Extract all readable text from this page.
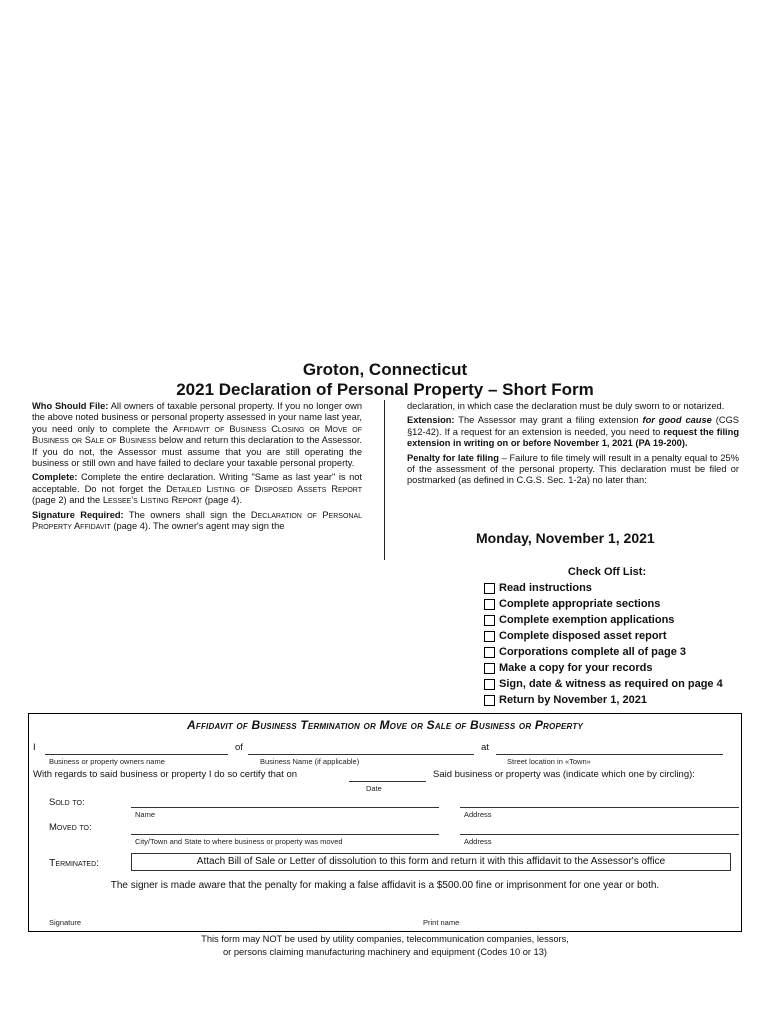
Groton, Connecticut
2021 Declaration of Personal Property – Short Form

Who Should File: All owners of taxable personal property. If you no longer own the above noted business or personal property assessed in your name last year, you need only to complete the Affidavit of Business Closing or Move of Business or Sale of Business below and return this declaration to the Assessor. If you do not, the Assessor must assume that you are still operating the business or still own and have failed to declare your taxable personal property.

Complete: Complete the entire declaration. Writing "Same as last year" is not acceptable. Do not forget the Detailed Listing of Disposed Assets Report (page 2) and the Lessee's Listing Report (page 4).

Signature Required: The owners shall sign the Declaration of Personal Property Affidavit (page 4). The owner's agent may sign the

declaration, in which case the declaration must be duly sworn to or notarized.

Extension: The Assessor may grant a filing extension for good cause (CGS §12-42). If a request for an extension is needed, you need to request the filing extension in writing on or before November 1, 2021 (PA 19-200).

Penalty for late filing – Failure to file timely will result in a penalty equal to 25% of the assessment of the personal property. This declaration must be filed or postmarked (as defined in C.G.S. Sec. 1-2a) no later than:

Monday, November 1, 2021
Check Off List:
Read instructions
Complete appropriate sections
Complete exemption applications
Complete disposed asset report
Corporations complete all of page 3
Make a copy for your records
Sign, date & witness as required on page 4
Return by November 1, 2021
Affidavit of Business Termination or Move or Sale of Business or Property
I	of	at
Business or property owners name	Business Name (if applicable)	Street location in «Town»
With regards to said business or property I do so certify that on	Said business or property was (indicate which one by circling):
Date
Sold to:
Name	Address
Moved to:
City/Town and State to where business or property was moved	Address
Terminated:	Attach Bill of Sale or Letter of dissolution to this form and return it with this affidavit to the Assessor's office
The signer is made aware that the penalty for making a false affidavit is a $500.00 fine or imprisonment for one year or both.
Signature	Print name
This form may NOT be used by utility companies, telecommunication companies, lessors,
or persons claiming manufacturing machinery and equipment (Codes 10 or 13)
